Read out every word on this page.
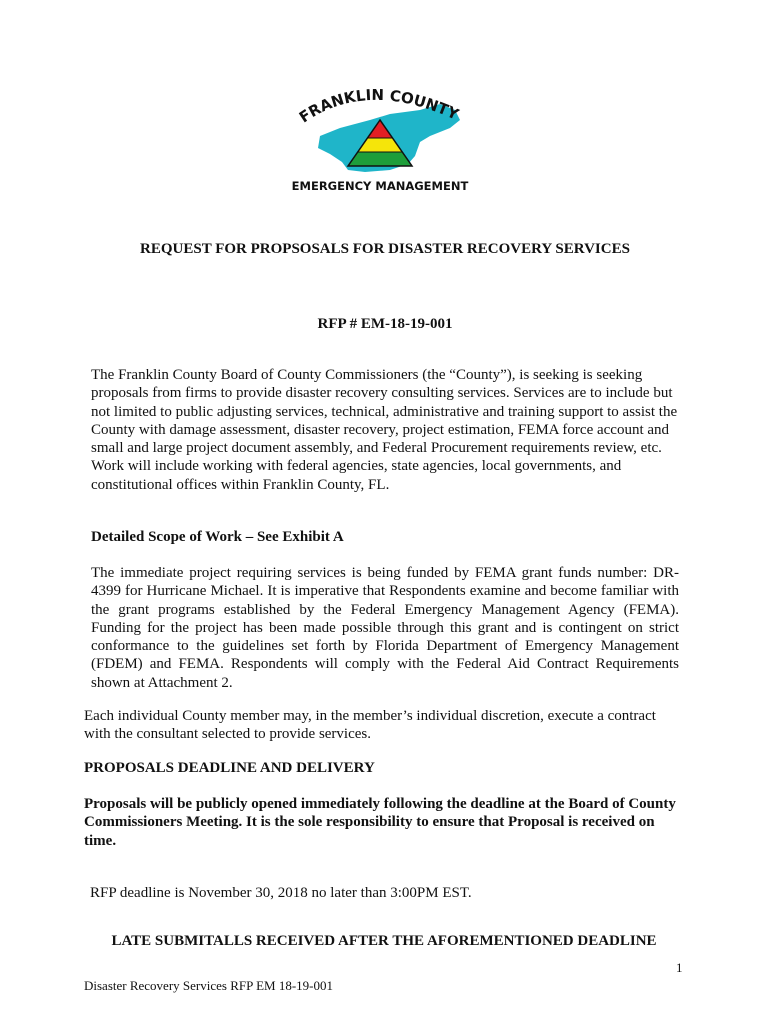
FRANKLIN COUNTY
EMERGENCY MANAGEMENT

REQUEST FOR PROPSOSALS FOR DISASTER RECOVERY SERVICES

RFP # EM-18-19-001

The Franklin County Board of County Commissioners (the “County”), is seeking is seeking proposals from firms to provide disaster recovery consulting services. Services are to include but not limited to public adjusting services, technical, administrative and training support to assist the County with damage assessment, disaster recovery, project estimation, FEMA force account and small and large project document assembly, and Federal Procurement requirements review, etc. Work will include working with federal agencies, state agencies, local governments, and constitutional offices within Franklin County, FL.

Detailed Scope of Work – See Exhibit A

The immediate project requiring services is being funded by FEMA grant funds number: DR-4399 for Hurricane Michael. It is imperative that Respondents examine and become familiar with the grant programs established by the Federal Emergency Management Agency (FEMA). Funding for the project has been made possible through this grant and is contingent on strict conformance to the guidelines set forth by Florida Department of Emergency Management (FDEM) and FEMA. Respondents will comply with the Federal Aid Contract Requirements shown at Attachment 2.

Each individual County member may, in the member’s individual discretion, execute a contract with the consultant selected to provide services.

PROPOSALS DEADLINE AND DELIVERY

Proposals will be publicly opened immediately following the deadline at the Board of County Commissioners Meeting. It is the sole responsibility to ensure that Proposal is received on time.

RFP deadline is November 30, 2018 no later than 3:00PM EST.

LATE SUBMITALLS RECEIVED AFTER THE AFOREMENTIONED DEADLINE

1

Disaster Recovery Services RFP EM 18-19-001
